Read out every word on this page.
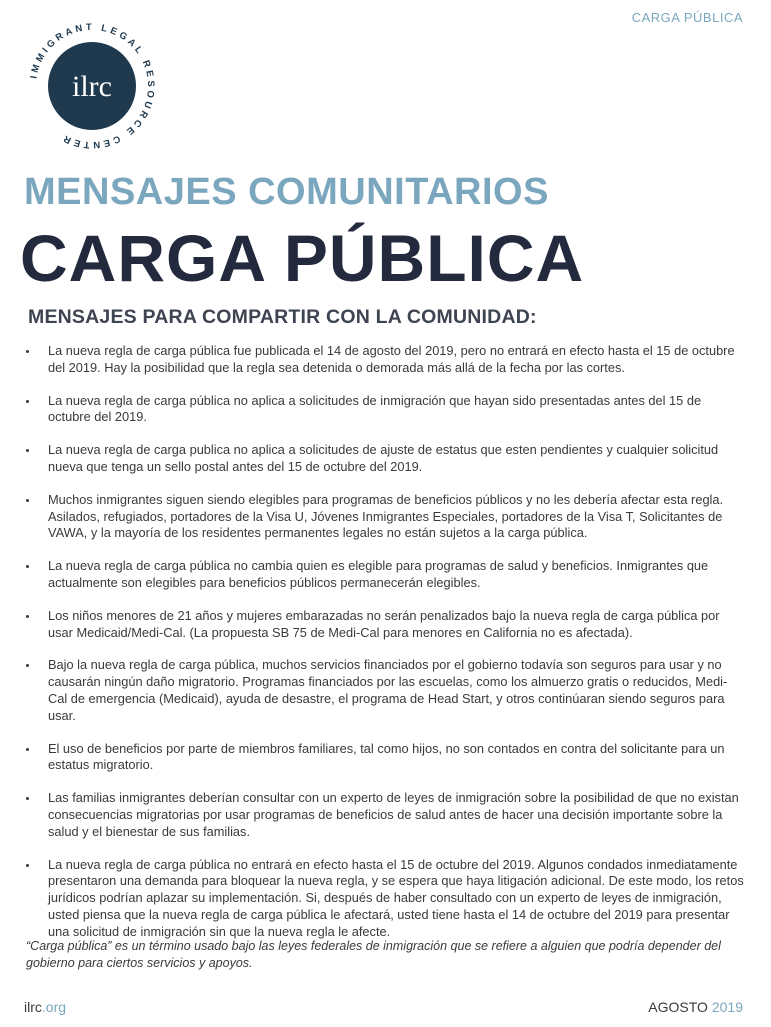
CARGA PÚBLICA
ilrc
IMMIGRANT LEGAL RESOURCE CENTER
MENSAJES COMUNITARIOS
CARGA PÚBLICA
MENSAJES PARA COMPARTIR CON LA COMUNIDAD:
La nueva regla de carga pública fue publicada el 14 de agosto del 2019, pero no entrará en efecto hasta el 15 de octubre del 2019. Hay la posibilidad que la regla sea detenida o demorada más allá de la fecha por las cortes.
La nueva regla de carga pública no aplica a solicitudes de inmigración que hayan sido presentadas antes del 15 de octubre del 2019.
La nueva regla de carga publica no aplica a solicitudes de ajuste de estatus que esten pendientes y cualquier solicitud nueva que tenga un sello postal antes del 15 de octubre del 2019.
Muchos inmigrantes siguen siendo elegibles para programas de beneficios públicos y no les debería afectar esta regla. Asilados, refugiados, portadores de la Visa U, Jóvenes Inmigrantes Especiales, portadores de la Visa T, Solicitantes de VAWA, y la mayoría de los residentes permanentes legales no están sujetos a la carga pública.
La nueva regla de carga pública no cambia quien es elegible para programas de salud y beneficios. Inmigrantes que actualmente son elegibles para beneficios públicos permanecerán elegibles.
Los niños menores de 21 años y mujeres embarazadas no serán penalizados bajo la nueva regla de carga pública por usar Medicaid/Medi-Cal. (La propuesta SB 75 de Medi-Cal para menores en California no es afectada).
Bajo la nueva regla de carga pública, muchos servicios financiados por el gobierno todavía son seguros para usar y no causarán ningún daño migratorio. Programas financiados por las escuelas, como los almuerzo gratis o reducidos, Medi-Cal de emergencia (Medicaid), ayuda de desastre, el programa de Head Start, y otros continúaran siendo seguros para usar.
El uso de beneficios por parte de miembros familiares, tal como hijos, no son contados en contra del solicitante para un estatus migratorio.
Las familias inmigrantes deberían consultar con un experto de leyes de inmigración sobre la posibilidad de que no existan consecuencias migratorias por usar programas de beneficios de salud antes de hacer una decisión importante sobre la salud y el bienestar de sus familias.
La nueva regla de carga pública no entrará en efecto hasta el 15 de octubre del 2019. Algunos condados inmediatamente presentaron una demanda para bloquear la nueva regla, y se espera que haya litigación adicional. De este modo, los retos jurídicos podrían aplazar su implementación. Si, después de haber consultado con un experto de leyes de inmigración, usted piensa que la nueva regla de carga pública le afectará, usted tiene hasta el 14 de octubre del 2019 para presentar una solicitud de inmigración sin que la nueva regla le afecte.
“Carga pública” es un término usado bajo las leyes federales de inmigración que se refiere a alguien que podría depender del gobierno para ciertos servicios y apoyos.
ilrc.org	AGOSTO 2019
